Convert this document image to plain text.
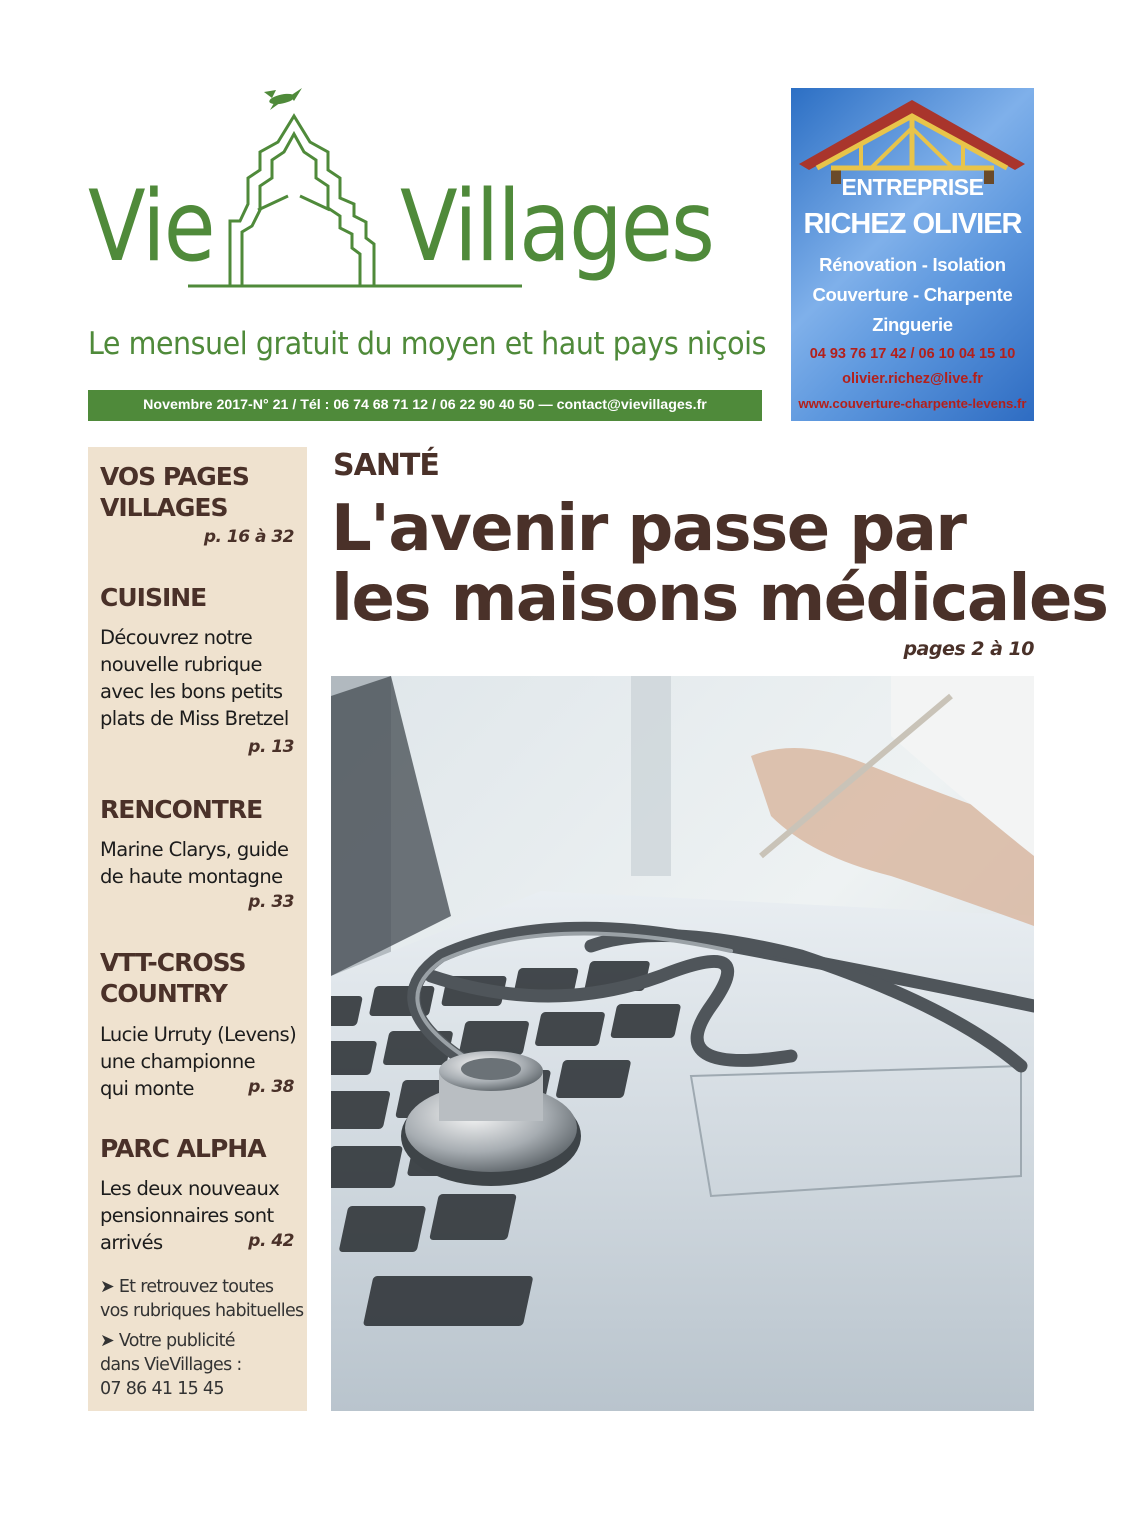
Vie Villages
Le mensuel gratuit du moyen et haut pays niçois
Novembre 2017-N° 21 / Tél : 06 74 68 71 12 / 06 22 90 40 50 — contact@vievillages.fr
ENTREPRISE
RICHEZ OLIVIER
Rénovation - Isolation
Couverture - Charpente
Zinguerie
04 93 76 17 42 / 06 10 04 15 10
olivier.richez@live.fr
www.couverture-charpente-levens.fr
VOS PAGES
VILLAGES
p. 16 à 32
CUISINE
Découvrez notre
nouvelle rubrique
avec les bons petits
plats de Miss Bretzel
p. 13
RENCONTRE
Marine Clarys, guide
de haute montagne
p. 33
VTT-CROSS
COUNTRY
Lucie Urruty (Levens)
une championne
qui monte	p. 38
PARC ALPHA
Les deux nouveaux
pensionnaires sont
arrivés	p. 42
➤ Et retrouvez toutes
vos rubriques habituelles
➤ Votre publicité
dans VieVillages :
07 86 41 15 45
SANTÉ
L'avenir passe par
les maisons médicales
pages 2 à 10
